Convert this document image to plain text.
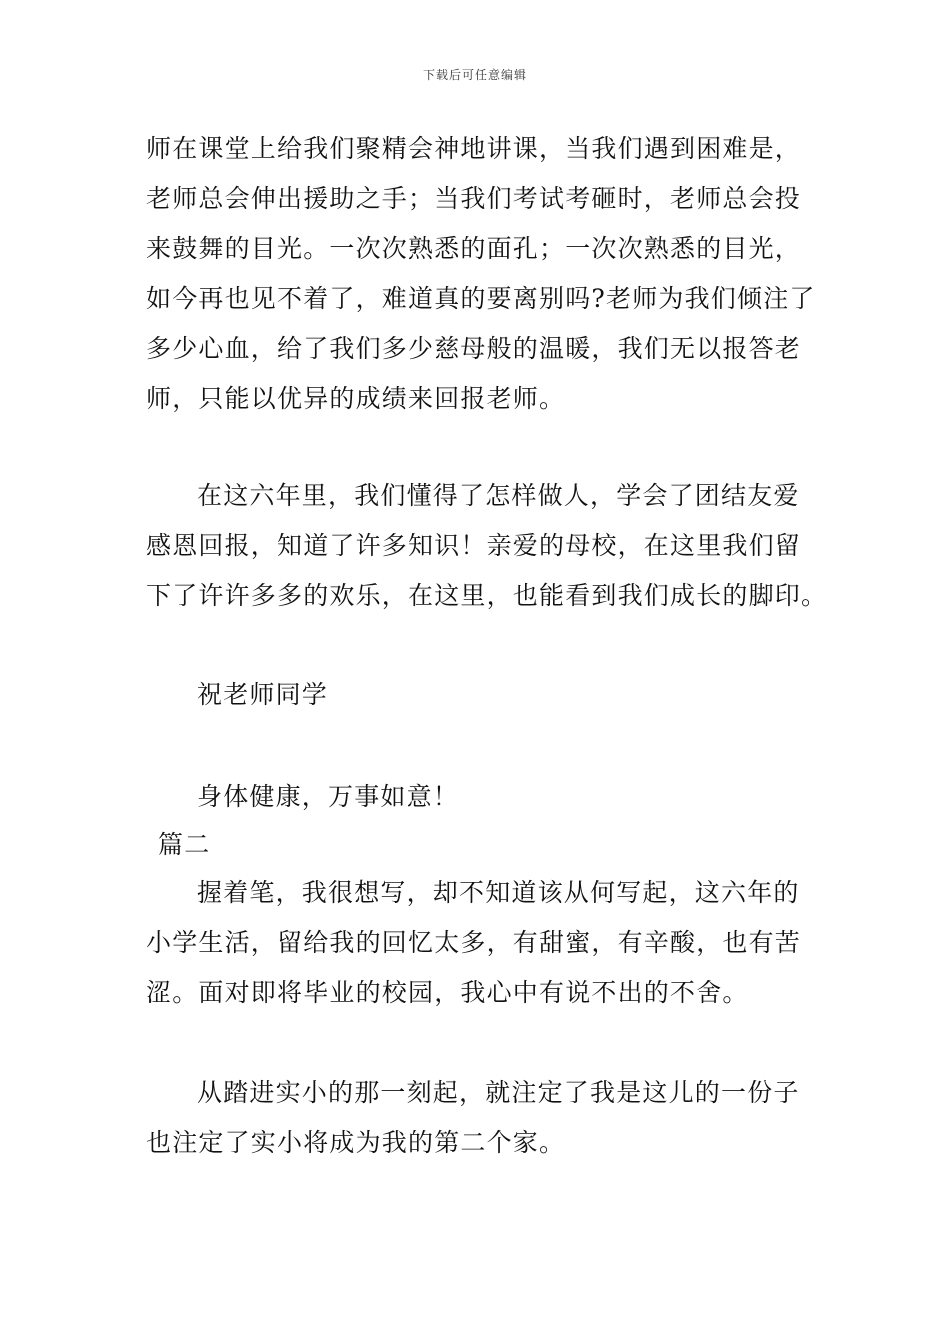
下载后可任意编辑
师在课堂上给我们聚精会神地讲课，当我们遇到困难是，
老师总会伸出援助之手；当我们考试考砸时，老师总会投
来鼓舞的目光。一次次熟悉的面孔；一次次熟悉的目光，
如今再也见不着了，难道真的要离别吗?老师为我们倾注了
多少心血，给了我们多少慈母般的温暖，我们无以报答老
师，只能以优异的成绩来回报老师。
在这六年里，我们懂得了怎样做人，学会了团结友爱
感恩回报，知道了许多知识！亲爱的母校，在这里我们留
下了许许多多的欢乐，在这里，也能看到我们成长的脚印。
祝老师同学
身体健康，万事如意！
篇二
握着笔，我很想写，却不知道该从何写起，这六年的
小学生活，留给我的回忆太多，有甜蜜，有辛酸，也有苦
涩。面对即将毕业的校园，我心中有说不出的不舍。
从踏进实小的那一刻起，就注定了我是这儿的一份子
也注定了实小将成为我的第二个家。
